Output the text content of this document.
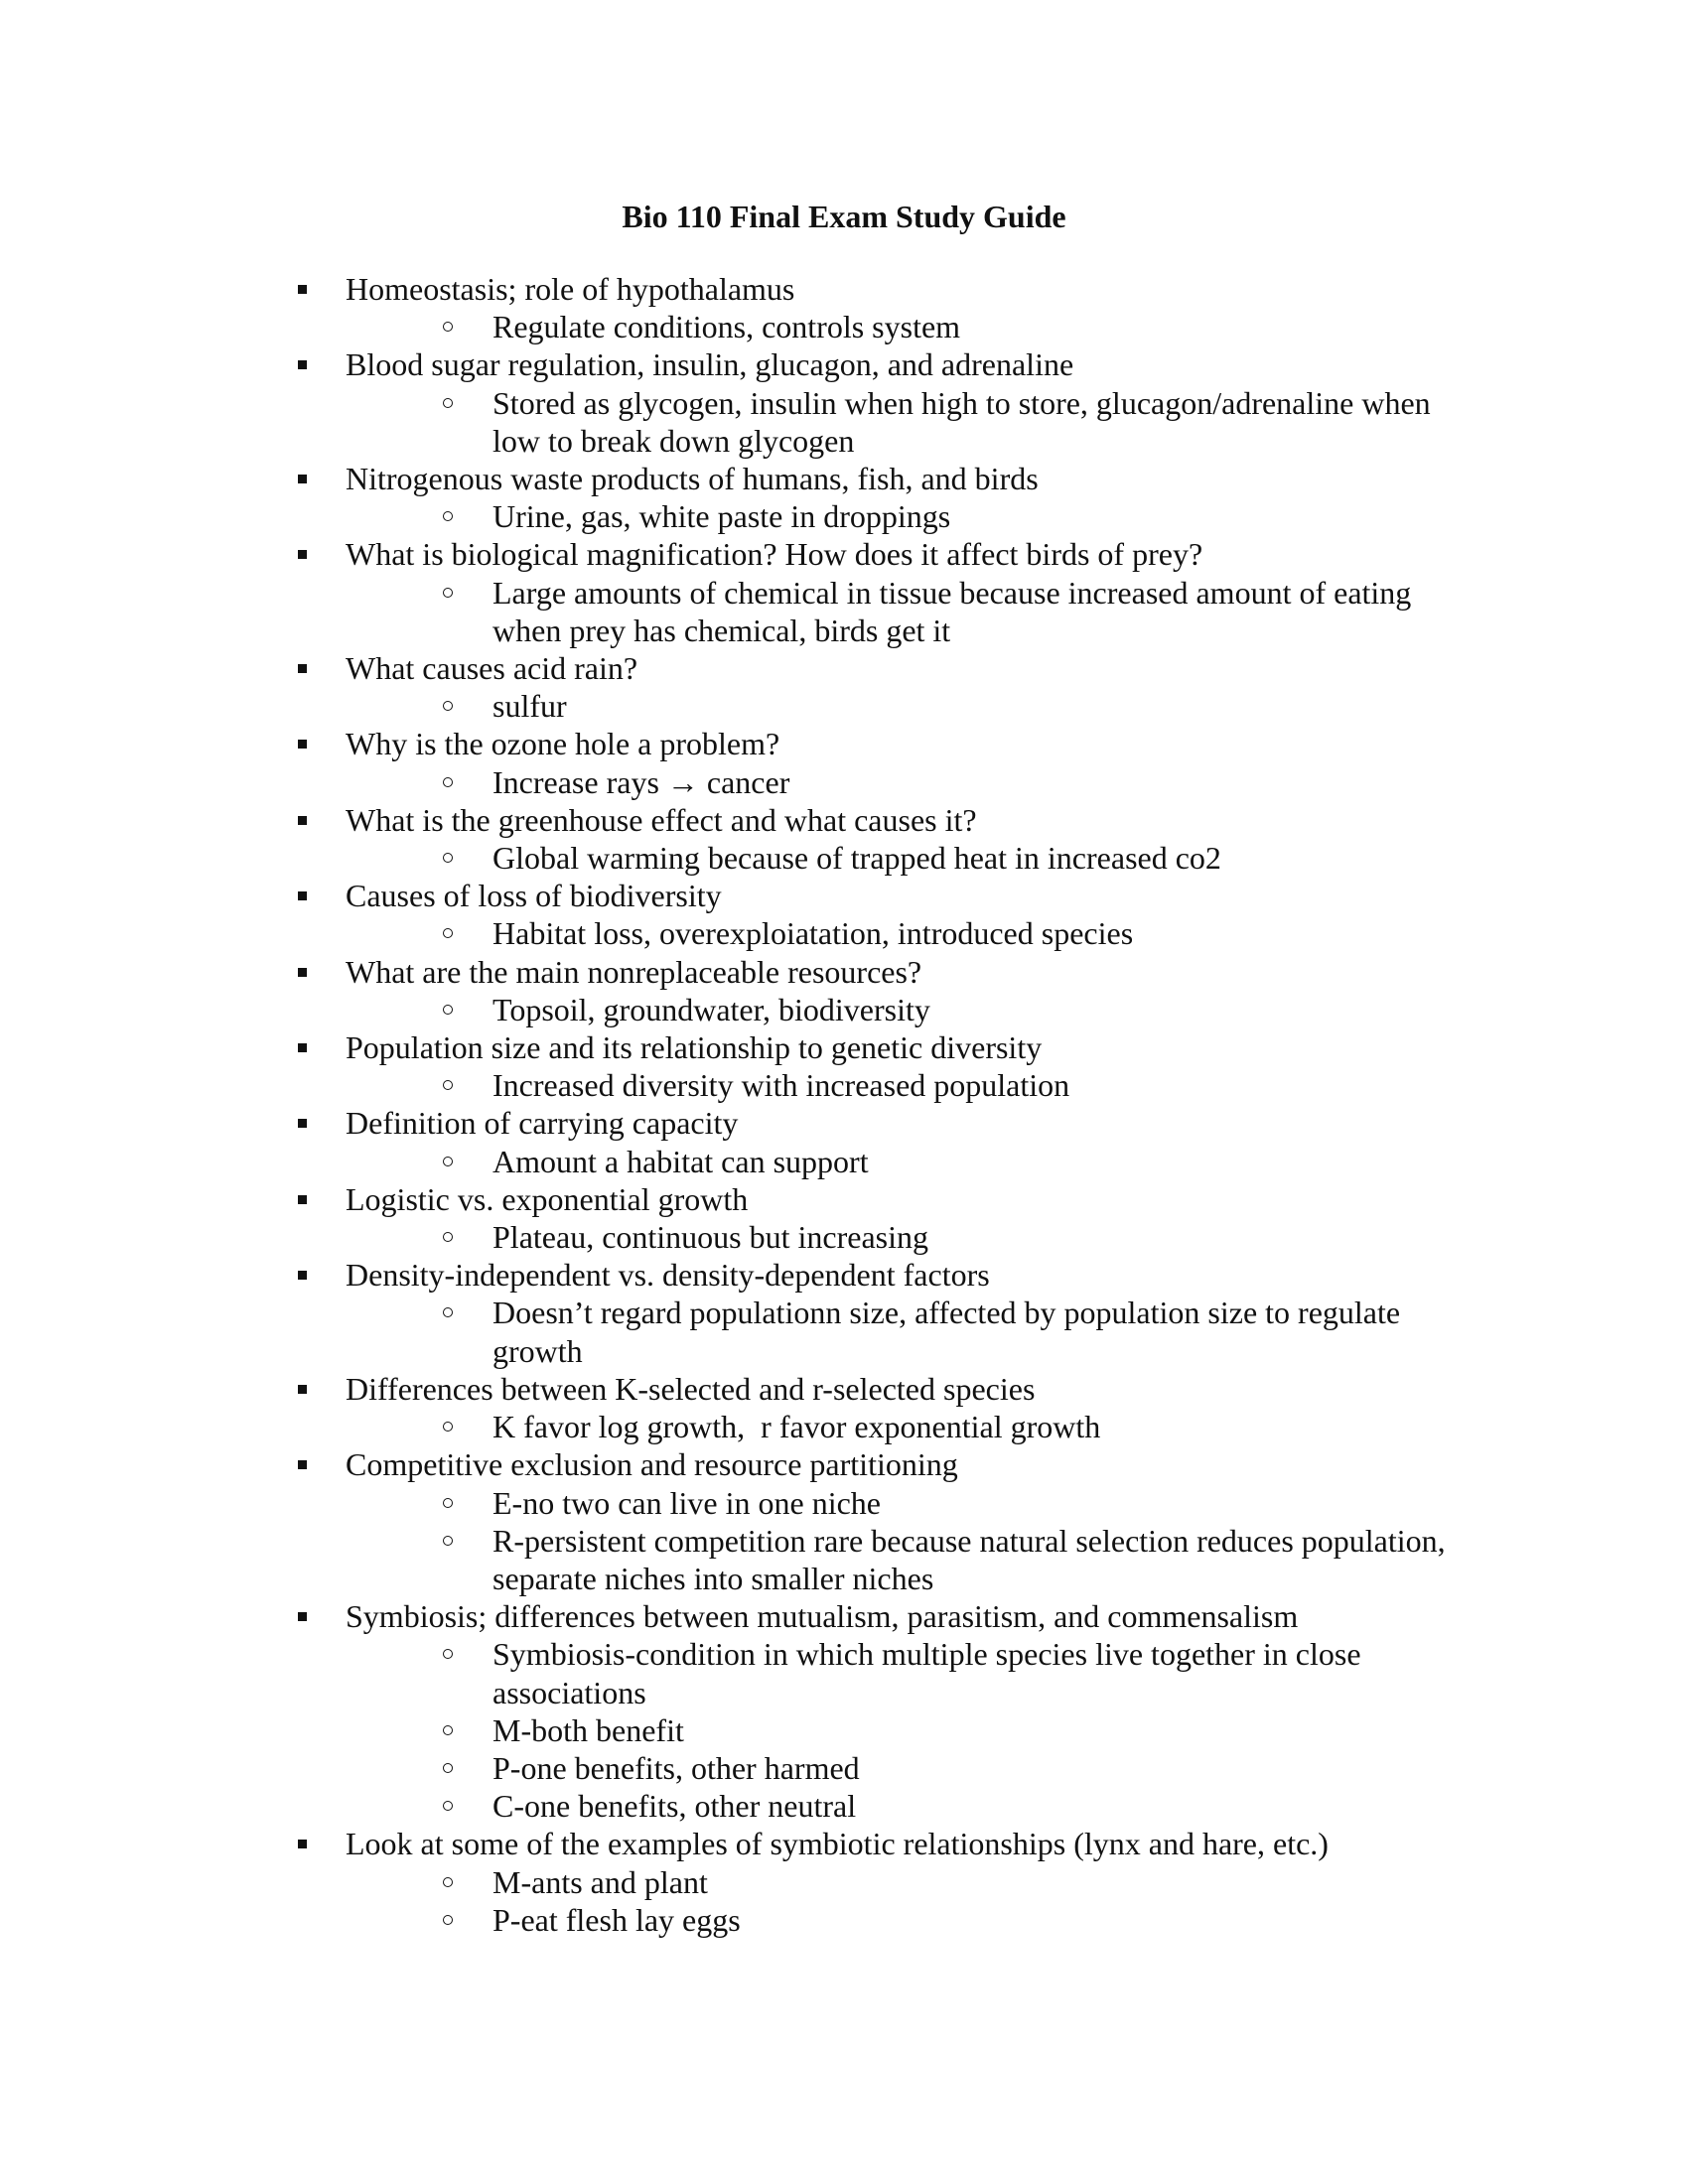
Bio 110 Final Exam Study Guide
Homeostasis; role of hypothalamus
Regulate conditions, controls system
Blood sugar regulation, insulin, glucagon, and adrenaline
Stored as glycogen, insulin when high to store, glucagon/adrenaline when
low to break down glycogen
Nitrogenous waste products of humans, fish, and birds
Urine, gas, white paste in droppings
What is biological magnification? How does it affect birds of prey?
Large amounts of chemical in tissue because increased amount of eating
when prey has chemical, birds get it
What causes acid rain?
sulfur
Why is the ozone hole a problem?
Increase rays → cancer
What is the greenhouse effect and what causes it?
Global warming because of trapped heat in increased co2
Causes of loss of biodiversity
Habitat loss, overexploiatation, introduced species
What are the main nonreplaceable resources?
Topsoil, groundwater, biodiversity
Population size and its relationship to genetic diversity
Increased diversity with increased population
Definition of carrying capacity
Amount a habitat can support
Logistic vs. exponential growth
Plateau, continuous but increasing
Density-independent vs. density-dependent factors
Doesn’t regard populationn size, affected by population size to regulate
growth
Differences between K-selected and r-selected species
K favor log growth,  r favor exponential growth
Competitive exclusion and resource partitioning
E-no two can live in one niche
R-persistent competition rare because natural selection reduces population,
separate niches into smaller niches
Symbiosis; differences between mutualism, parasitism, and commensalism
Symbiosis-condition in which multiple species live together in close
associations
M-both benefit
P-one benefits, other harmed
C-one benefits, other neutral
Look at some of the examples of symbiotic relationships (lynx and hare, etc.)
M-ants and plant
P-eat flesh lay eggs
